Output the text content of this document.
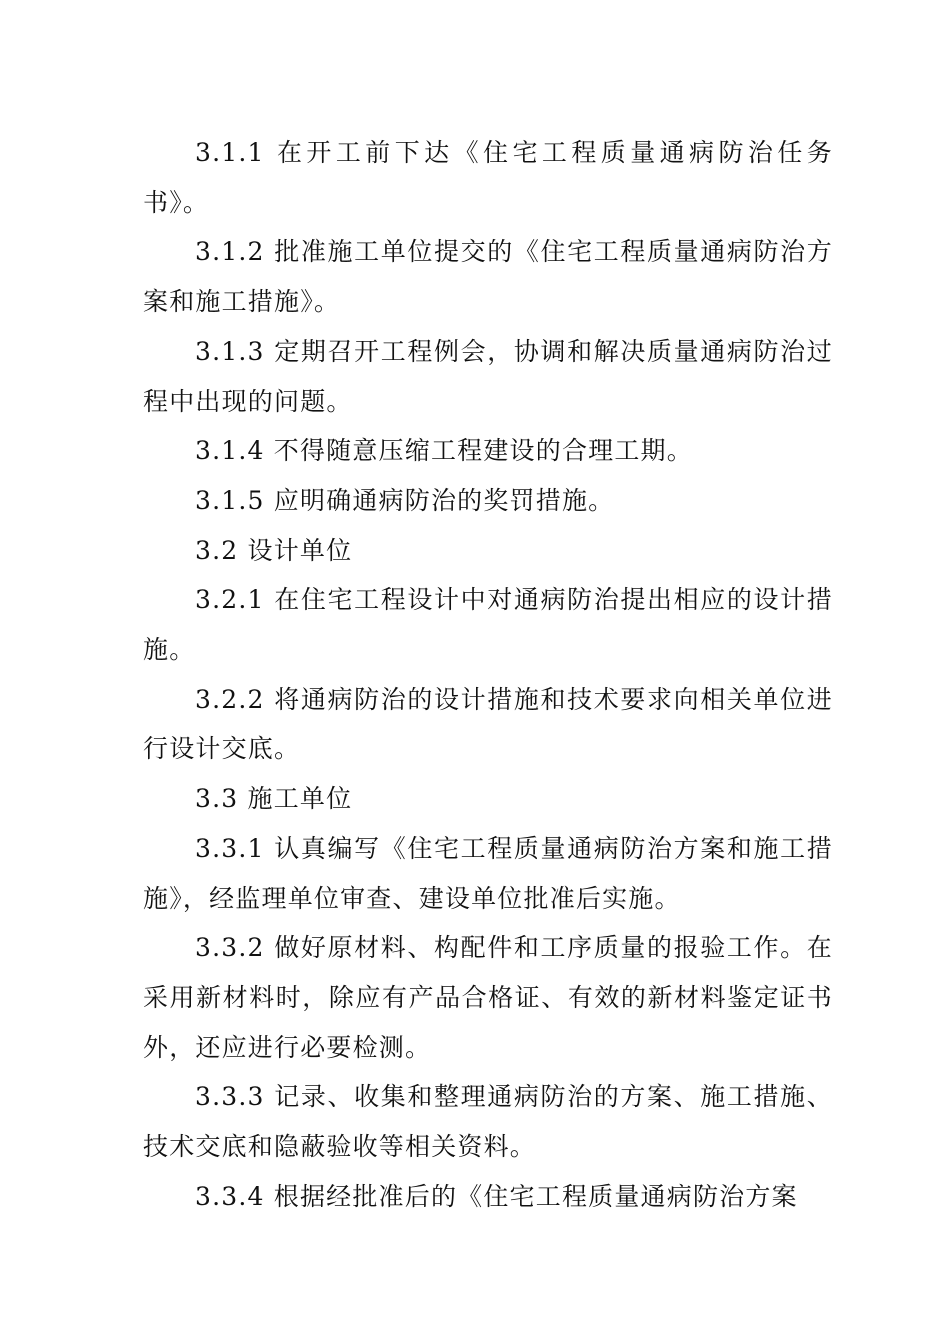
3.1.1 在开工前下达《住宅工程质量通病防治任务书》。

3.1.2 批准施工单位提交的《住宅工程质量通病防治方案和施工措施》。

3.1.3 定期召开工程例会，协调和解决质量通病防治过程中出现的问题。

3.1.4 不得随意压缩工程建设的合理工期。

3.1.5 应明确通病防治的奖罚措施。

3.2 设计单位

3.2.1 在住宅工程设计中对通病防治提出相应的设计措施。

3.2.2 将通病防治的设计措施和技术要求向相关单位进行设计交底。

3.3 施工单位

3.3.1 认真编写《住宅工程质量通病防治方案和施工措施》，经监理单位审查、建设单位批准后实施。

3.3.2 做好原材料、构配件和工序质量的报验工作。在采用新材料时，除应有产品合格证、有效的新材料鉴定证书外，还应进行必要检测。

3.3.3 记录、收集和整理通病防治的方案、施工措施、技术交底和隐蔽验收等相关资料。

3.3.4 根据经批准后的《住宅工程质量通病防治方案
